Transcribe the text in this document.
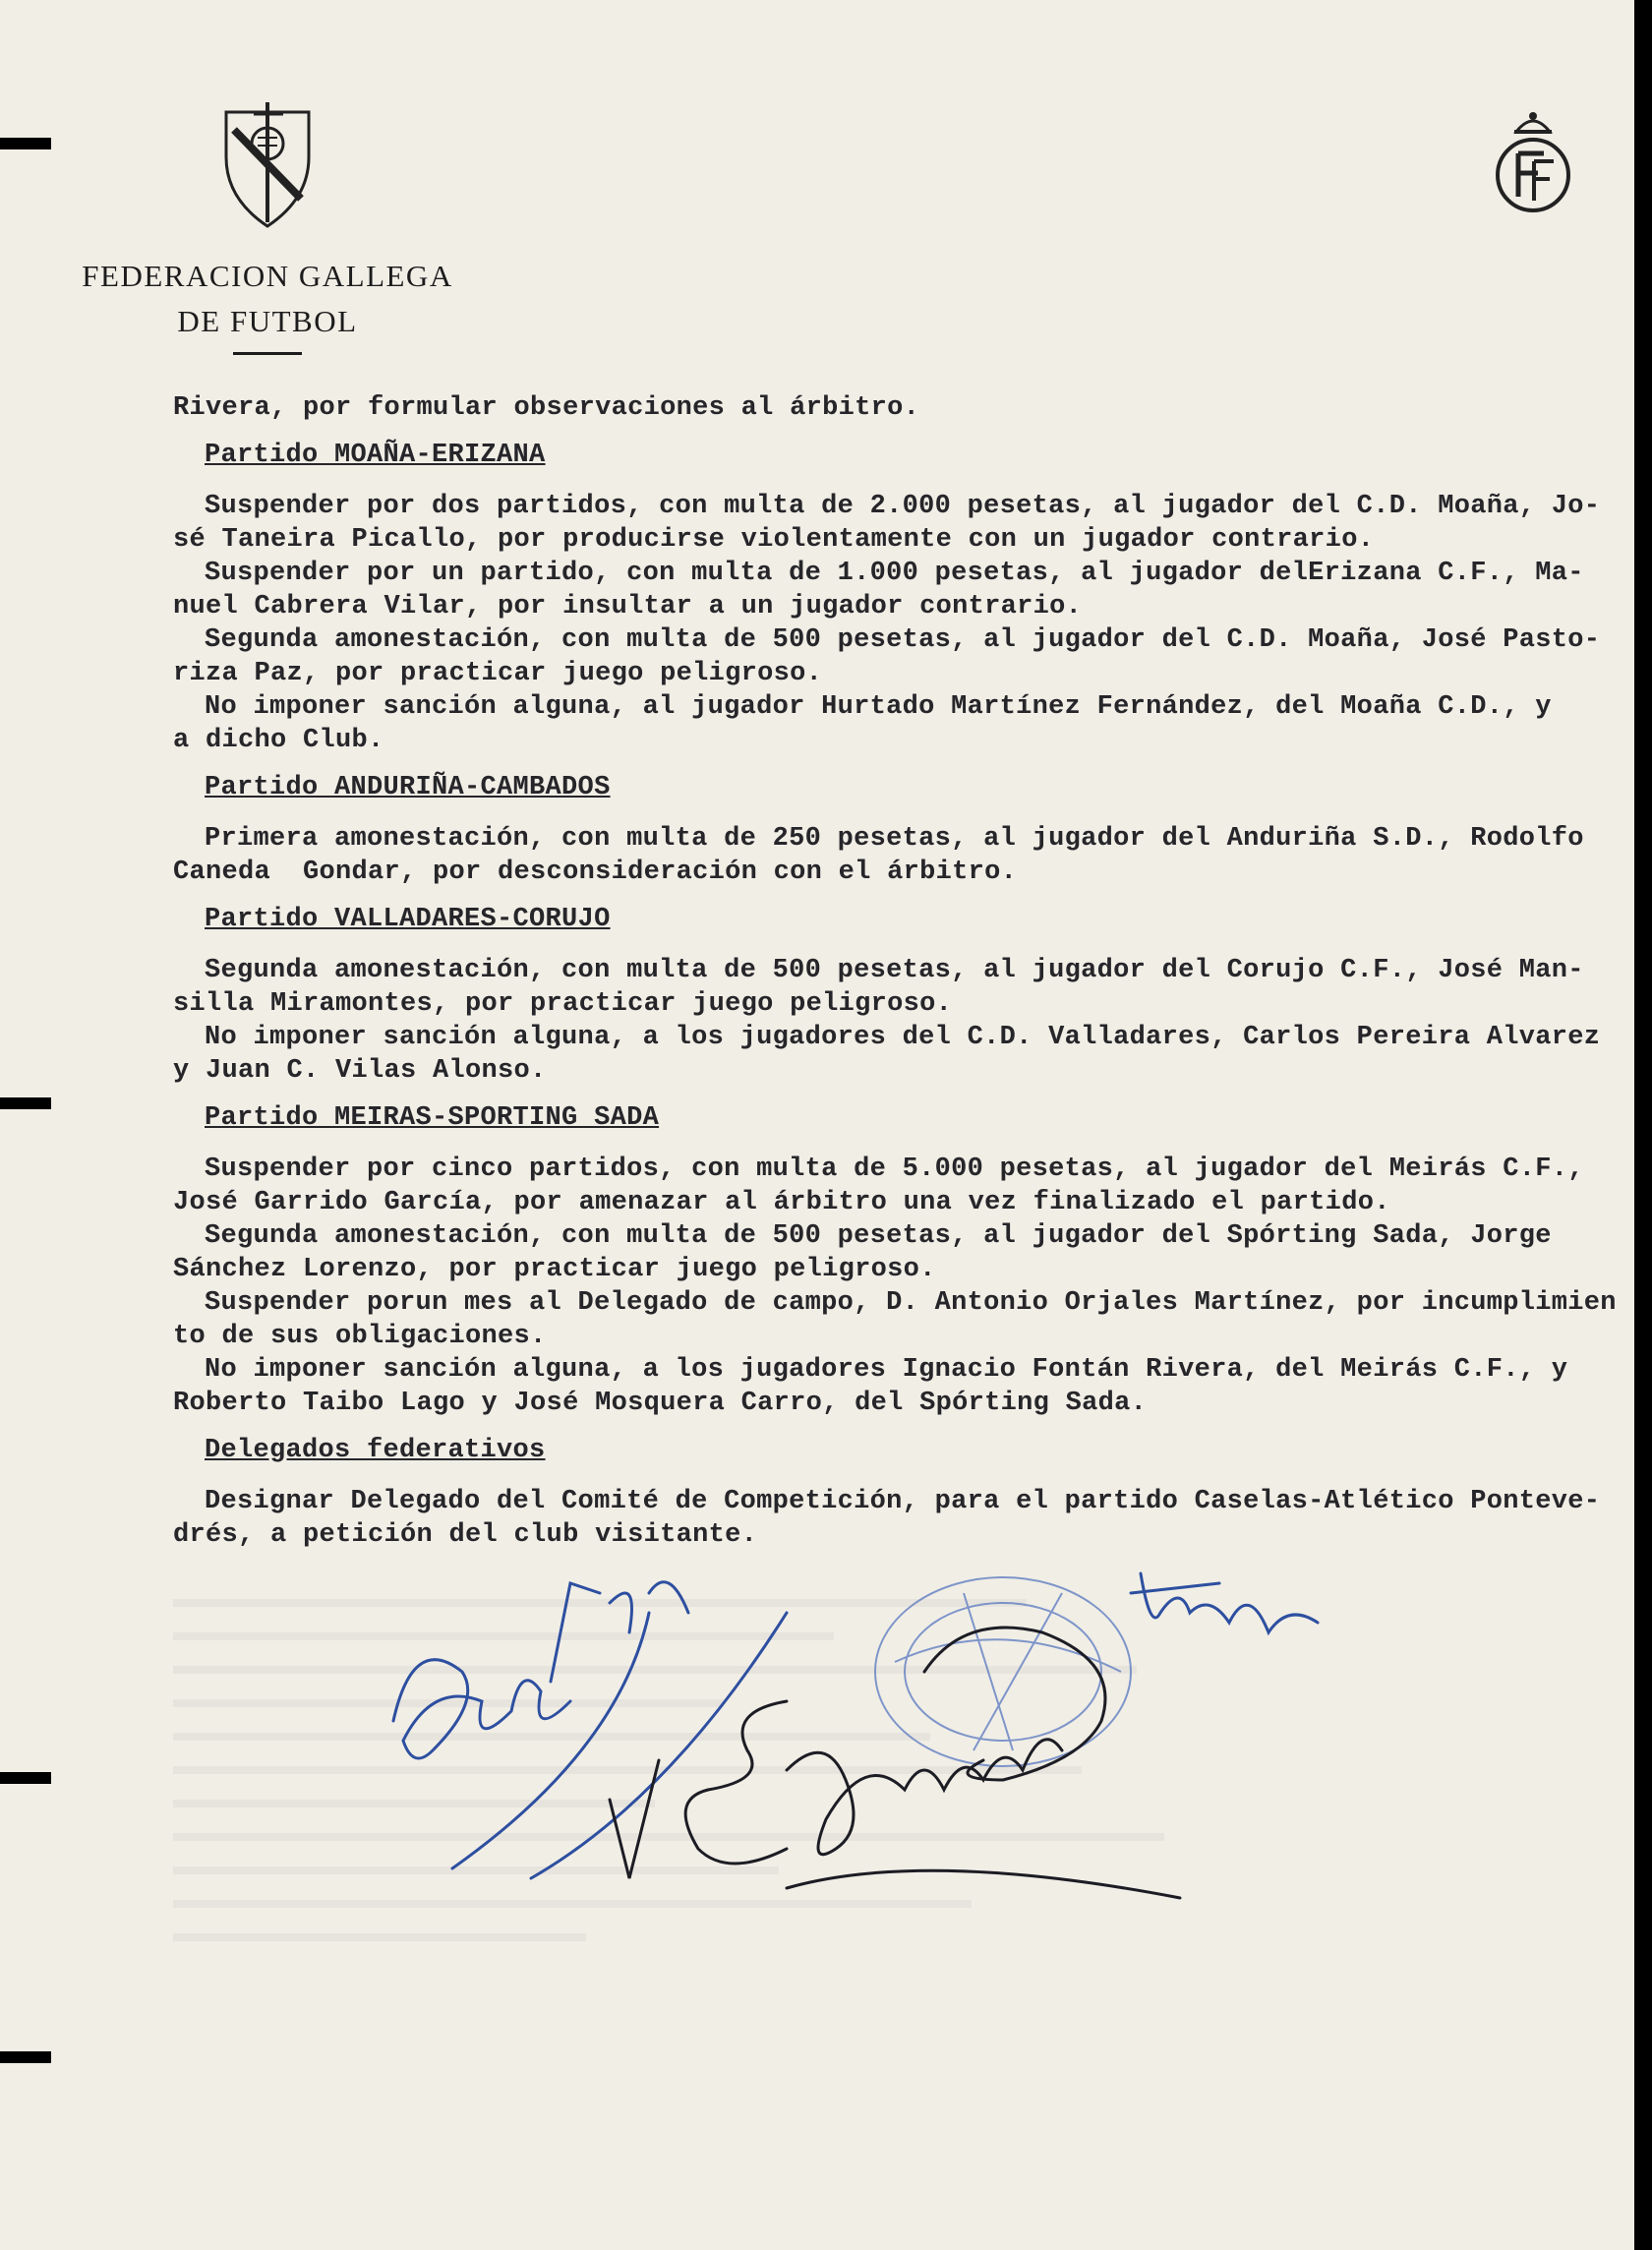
FEDERACION GALLEGA
DE FUTBOL

Rivera, por formular observaciones al árbitro.

Partido MOAÑA-ERIZANA

Suspender por dos partidos, con multa de 2.000 pesetas, al jugador del C.D. Moaña, Jo-

sé Taneira Picallo, por producirse violentamente con un jugador contrario.

Suspender por un partido, con multa de 1.000 pesetas, al jugador delErizana C.F., Ma-

nuel Cabrera Vilar, por insultar a un jugador contrario.

Segunda amonestación, con multa de 500 pesetas, al jugador del C.D. Moaña, José Pasto-

riza Paz, por practicar juego peligroso.

No imponer sanción alguna, al jugador Hurtado Martínez Fernández, del Moaña C.D., y

a dicho Club.

Partido ANDURIÑA-CAMBADOS

Primera amonestación, con multa de 250 pesetas, al jugador del Anduriña S.D., Rodolfo

Caneda  Gondar, por desconsideración con el árbitro.

Partido VALLADARES-CORUJO

Segunda amonestación, con multa de 500 pesetas, al jugador del Corujo C.F., José Man-

silla Miramontes, por practicar juego peligroso.

No imponer sanción alguna, a los jugadores del C.D. Valladares, Carlos Pereira Alvarez

y Juan C. Vilas Alonso.

Partido MEIRAS-SPORTING SADA

Suspender por cinco partidos, con multa de 5.000 pesetas, al jugador del Meirás C.F.,

José Garrido García, por amenazar al árbitro una vez finalizado el partido.

Segunda amonestación, con multa de 500 pesetas, al jugador del Spórting Sada, Jorge

Sánchez Lorenzo, por practicar juego peligroso.

Suspender porun mes al Delegado de campo, D. Antonio Orjales Martínez, por incumplimien

to de sus obligaciones.

No imponer sanción alguna, a los jugadores Ignacio Fontán Rivera, del Meirás C.F., y

Roberto Taibo Lago y José Mosquera Carro, del Spórting Sada.

Delegados federativos

Designar Delegado del Comité de Competición, para el partido Caselas-Atlético Ponteve-

drés, a petición del club visitante.
